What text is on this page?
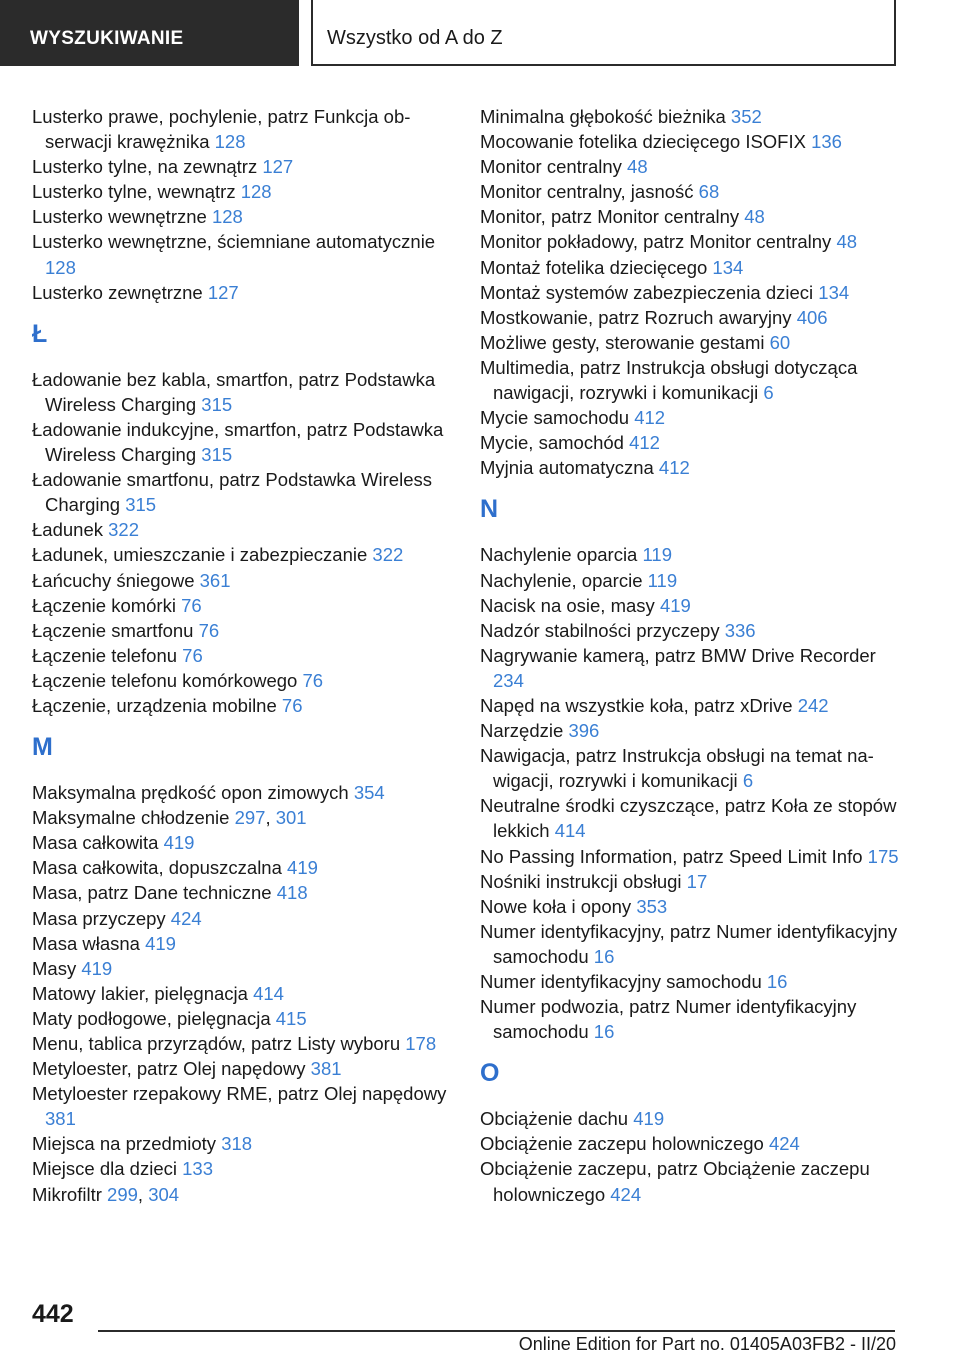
WYSZUKIWANIE	Wszystko od A do Z
Lusterko prawe, pochylenie, patrz Funkcja obserwacji krawężnika 128
Lusterko tylne, na zewnątrz 127
Lusterko tylne, wewnątrz 128
Lusterko wewnętrzne 128
Lusterko wewnętrzne, ściemniane automatycznie 128
Lusterko zewnętrzne 127
Ł
Ładowanie bez kabla, smartfon, patrz Podstawka Wireless Charging 315
Ładowanie indukcyjne, smartfon, patrz Podstawka Wireless Charging 315
Ładowanie smartfonu, patrz Podstawka Wireless Charging 315
Ładunek 322
Ładunek, umieszczanie i zabezpieczanie 322
Łańcuchy śniegowe 361
Łączenie komórki 76
Łączenie smartfonu 76
Łączenie telefonu 76
Łączenie telefonu komórkowego 76
Łączenie, urządzenia mobilne 76
M
Maksymalna prędkość opon zimowych 354
Maksymalne chłodzenie 297, 301
Masa całkowita 419
Masa całkowita, dopuszczalna 419
Masa, patrz Dane techniczne 418
Masa przyczepy 424
Masa własna 419
Masy 419
Matowy lakier, pielęgnacja 414
Maty podłogowe, pielęgnacja 415
Menu, tablica przyrządów, patrz Listy wyboru 178
Metyloester, patrz Olej napędowy 381
Metyloester rzepakowy RME, patrz Olej napędowy 381
Miejsca na przedmioty 318
Miejsce dla dzieci 133
Mikrofiltr 299, 304
Minimalna głębokość bieżnika 352
Mocowanie fotelika dziecięcego ISOFIX 136
Monitor centralny 48
Monitor centralny, jasność 68
Monitor, patrz Monitor centralny 48
Monitor pokładowy, patrz Monitor centralny 48
Montaż fotelika dziecięcego 134
Montaż systemów zabezpieczenia dzieci 134
Mostkowanie, patrz Rozruch awaryjny 406
Możliwe gesty, sterowanie gestami 60
Multimedia, patrz Instrukcja obsługi dotycząca nawigacji, rozrywki i komunikacji 6
Mycie samochodu 412
Mycie, samochód 412
Myjnia automatyczna 412
N
Nachylenie oparcia 119
Nachylenie, oparcie 119
Nacisk na osie, masy 419
Nadzór stabilności przyczepy 336
Nagrywanie kamerą, patrz BMW Drive Recorder 234
Napęd na wszystkie koła, patrz xDrive 242
Narzędzie 396
Nawigacja, patrz Instrukcja obsługi na temat nawigacji, rozrywki i komunikacji 6
Neutralne środki czyszczące, patrz Koła ze stopów lekkich 414
No Passing Information, patrz Speed Limit Info 175
Nośniki instrukcji obsługi 17
Nowe koła i opony 353
Numer identyfikacyjny, patrz Numer identyfikacyjny samochodu 16
Numer identyfikacyjny samochodu 16
Numer podwozia, patrz Numer identyfikacyjny samochodu 16
O
Obciążenie dachu 419
Obciążenie zaczepu holowniczego 424
Obciążenie zaczepu, patrz Obciążenie zaczepu holowniczego 424
442
Online Edition for Part no. 01405A03FB2 - II/20
